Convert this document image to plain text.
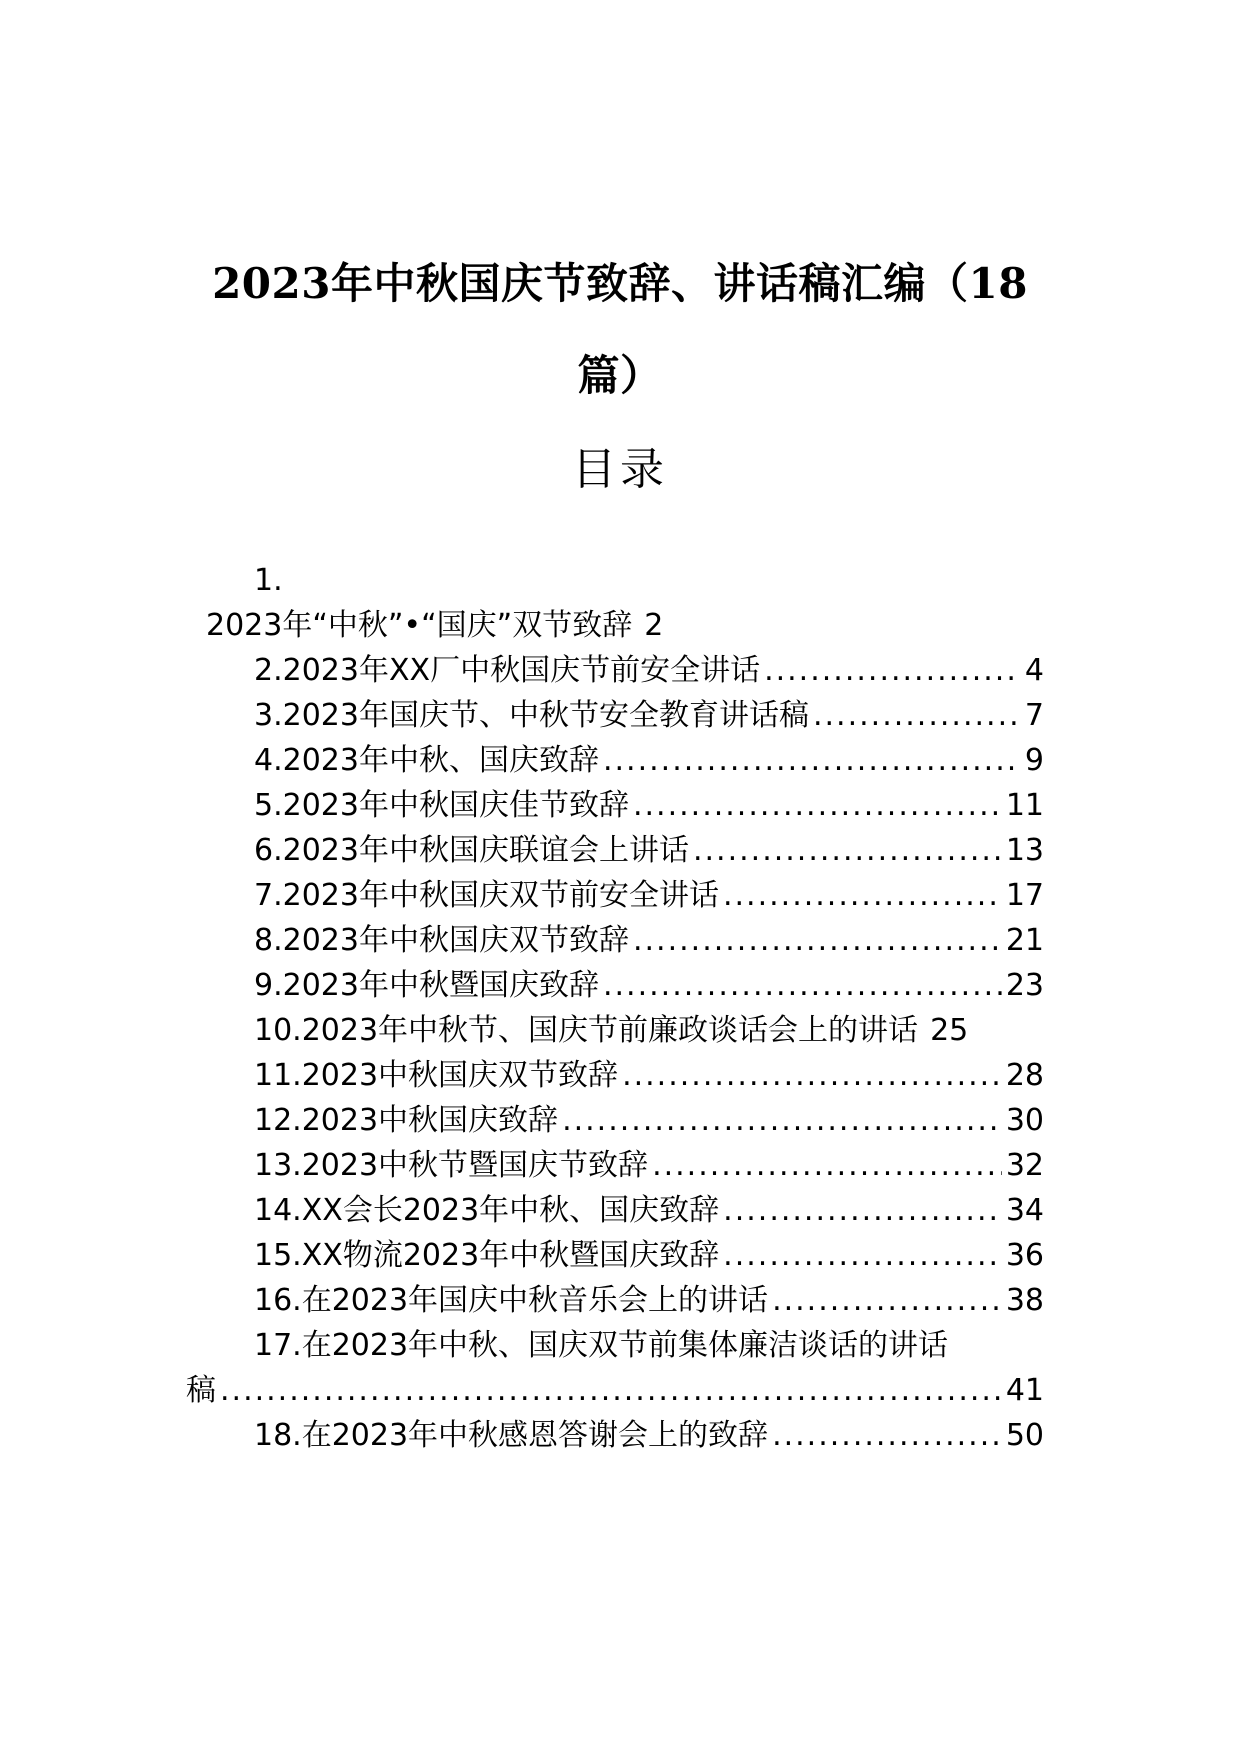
2023年中秋国庆节致辞、讲话稿汇编（18
篇）
目录
1.
2023年“中秋”•“国庆”双节致辞 2
2.2023年XX厂中秋国庆节前安全讲话 .....	4
3.2023年国庆节、中秋节安全教育讲话稿 .....	7
4.2023年中秋、国庆致辞 .....	9
5.2023年中秋国庆佳节致辞 .....	11
6.2023年中秋国庆联谊会上讲话 .....	13
7.2023年中秋国庆双节前安全讲话 .....	17
8.2023年中秋国庆双节致辞 .....	21
9.2023年中秋暨国庆致辞 .....	23
10.2023年中秋节、国庆节前廉政谈话会上的讲话 25
11.2023中秋国庆双节致辞 .....	28
12.2023中秋国庆致辞 .....	30
13.2023中秋节暨国庆节致辞 .....	32
14.XX会长2023年中秋、国庆致辞 .....	34
15.XX物流2023年中秋暨国庆致辞 .....	36
16.在2023年国庆中秋音乐会上的讲话 .....	38
17.在2023年中秋、国庆双节前集体廉洁谈话的讲话
稿 .....	41
18.在2023年中秋感恩答谢会上的致辞 .....	50
